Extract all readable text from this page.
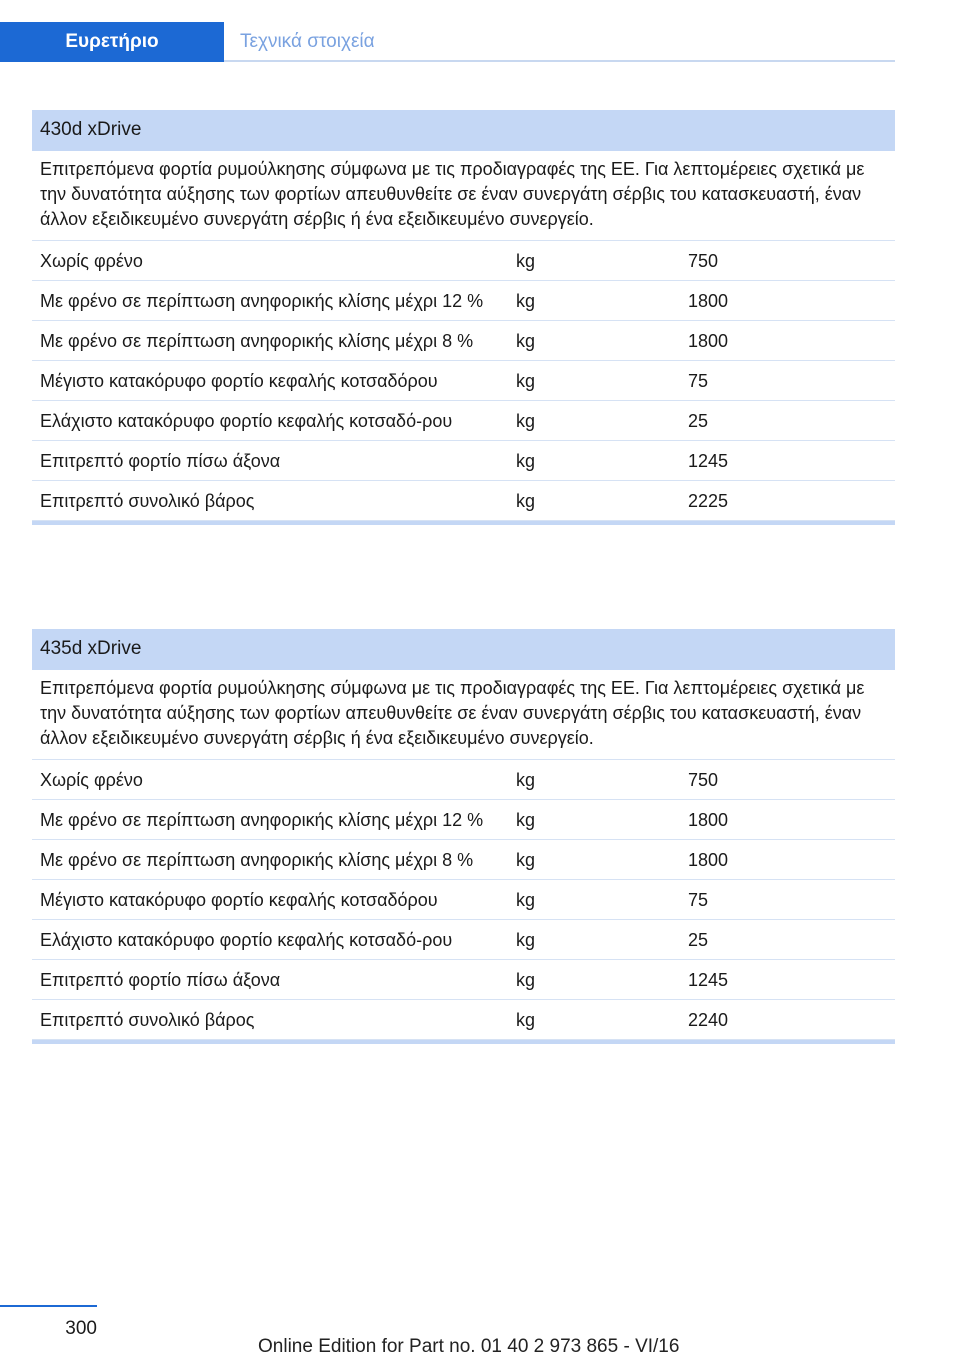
Ευρετήριο	Τεχνικά στοιχεία
430d xDrive
Επιτρεπόμενα φορτία ρυμούλκησης σύμφωνα με τις προδιαγραφές της ΕΕ. Για λεπτομέρειες σχετικά με την δυνατότητα αύξησης των φορτίων απευθυνθείτε σε έναν συνεργάτη σέρβις του κατασκευαστή, έναν άλλον εξειδικευμένο συνεργάτη σέρβις ή ένα εξειδικευμένο συνεργείο.
Χωρίς φρένο	kg	750
Με φρένο σε περίπτωση ανηφορικής κλίσης μέχρι 12 %	kg	1800
Με φρένο σε περίπτωση ανηφορικής κλίσης μέχρι 8 %	kg	1800
Μέγιστο κατακόρυφο φορτίο κεφαλής κοτσαδόρου	kg	75
Ελάχιστο κατακόρυφο φορτίο κεφαλής κοτσαδό-ρου	kg	25
Επιτρεπτό φορτίο πίσω άξονα	kg	1245
Επιτρεπτό συνολικό βάρος	kg	2225
435d xDrive
Επιτρεπόμενα φορτία ρυμούλκησης σύμφωνα με τις προδιαγραφές της ΕΕ. Για λεπτομέρειες σχετικά με την δυνατότητα αύξησης των φορτίων απευθυνθείτε σε έναν συνεργάτη σέρβις του κατασκευαστή, έναν άλλον εξειδικευμένο συνεργάτη σέρβις ή ένα εξειδικευμένο συνεργείο.
Χωρίς φρένο	kg	750
Με φρένο σε περίπτωση ανηφορικής κλίσης μέχρι 12 %	kg	1800
Με φρένο σε περίπτωση ανηφορικής κλίσης μέχρι 8 %	kg	1800
Μέγιστο κατακόρυφο φορτίο κεφαλής κοτσαδόρου	kg	75
Ελάχιστο κατακόρυφο φορτίο κεφαλής κοτσαδό-ρου	kg	25
Επιτρεπτό φορτίο πίσω άξονα	kg	1245
Επιτρεπτό συνολικό βάρος	kg	2240
300
Online Edition for Part no. 01 40 2 973 865 - VI/16
